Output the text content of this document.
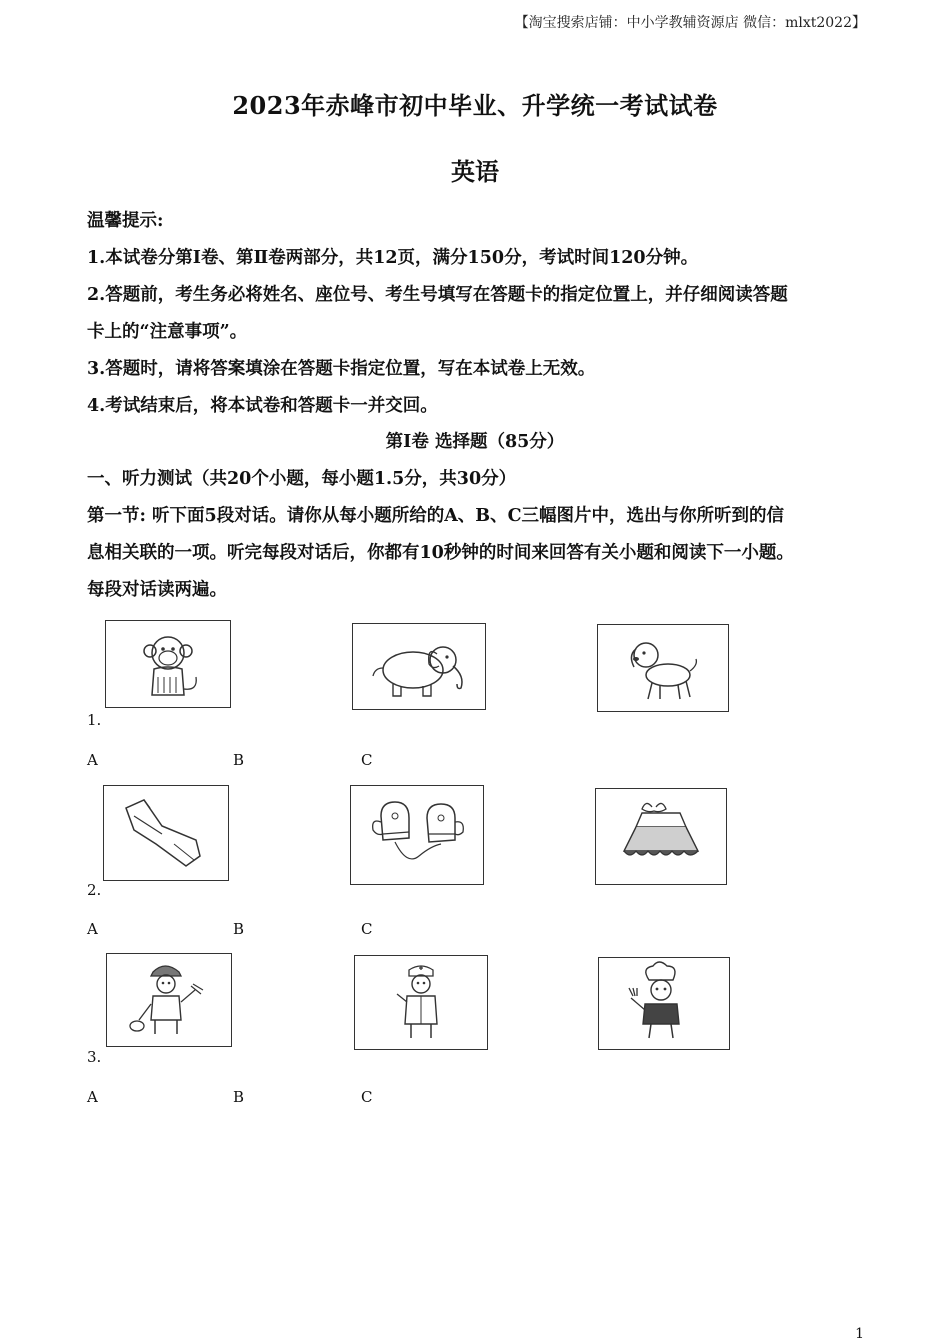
【淘宝搜索店铺：中小学教辅资源店 微信：mlxt2022】
2023年赤峰市初中毕业、升学统一考试试卷
英语
温馨提示:
1.本试卷分第Ⅰ卷、第Ⅱ卷两部分，共12页，满分150分，考试时间120分钟。
2.答题前，考生务必将姓名、座位号、考生号填写在答题卡的指定位置上，并仔细阅读答题
卡上的“注意事项”。
3.答题时，请将答案填涂在答题卡指定位置，写在本试卷上无效。
4.考试结束后，将本试卷和答题卡一并交回。
第Ⅰ卷 选择题（85分）
一、听力测试（共20个小题，每小题1.5分，共30分）
第一节: 听下面5段对话。请你从每小题所给的A、B、C三幅图片中，选出与你所听到的信
息相关联的一项。听完每段对话后，你都有10秒钟的时间来回答有关小题和阅读下一小题。
每段对话读两遍。
1.
A	B	C
2.
A	B	C
3.
A	B	C
1
